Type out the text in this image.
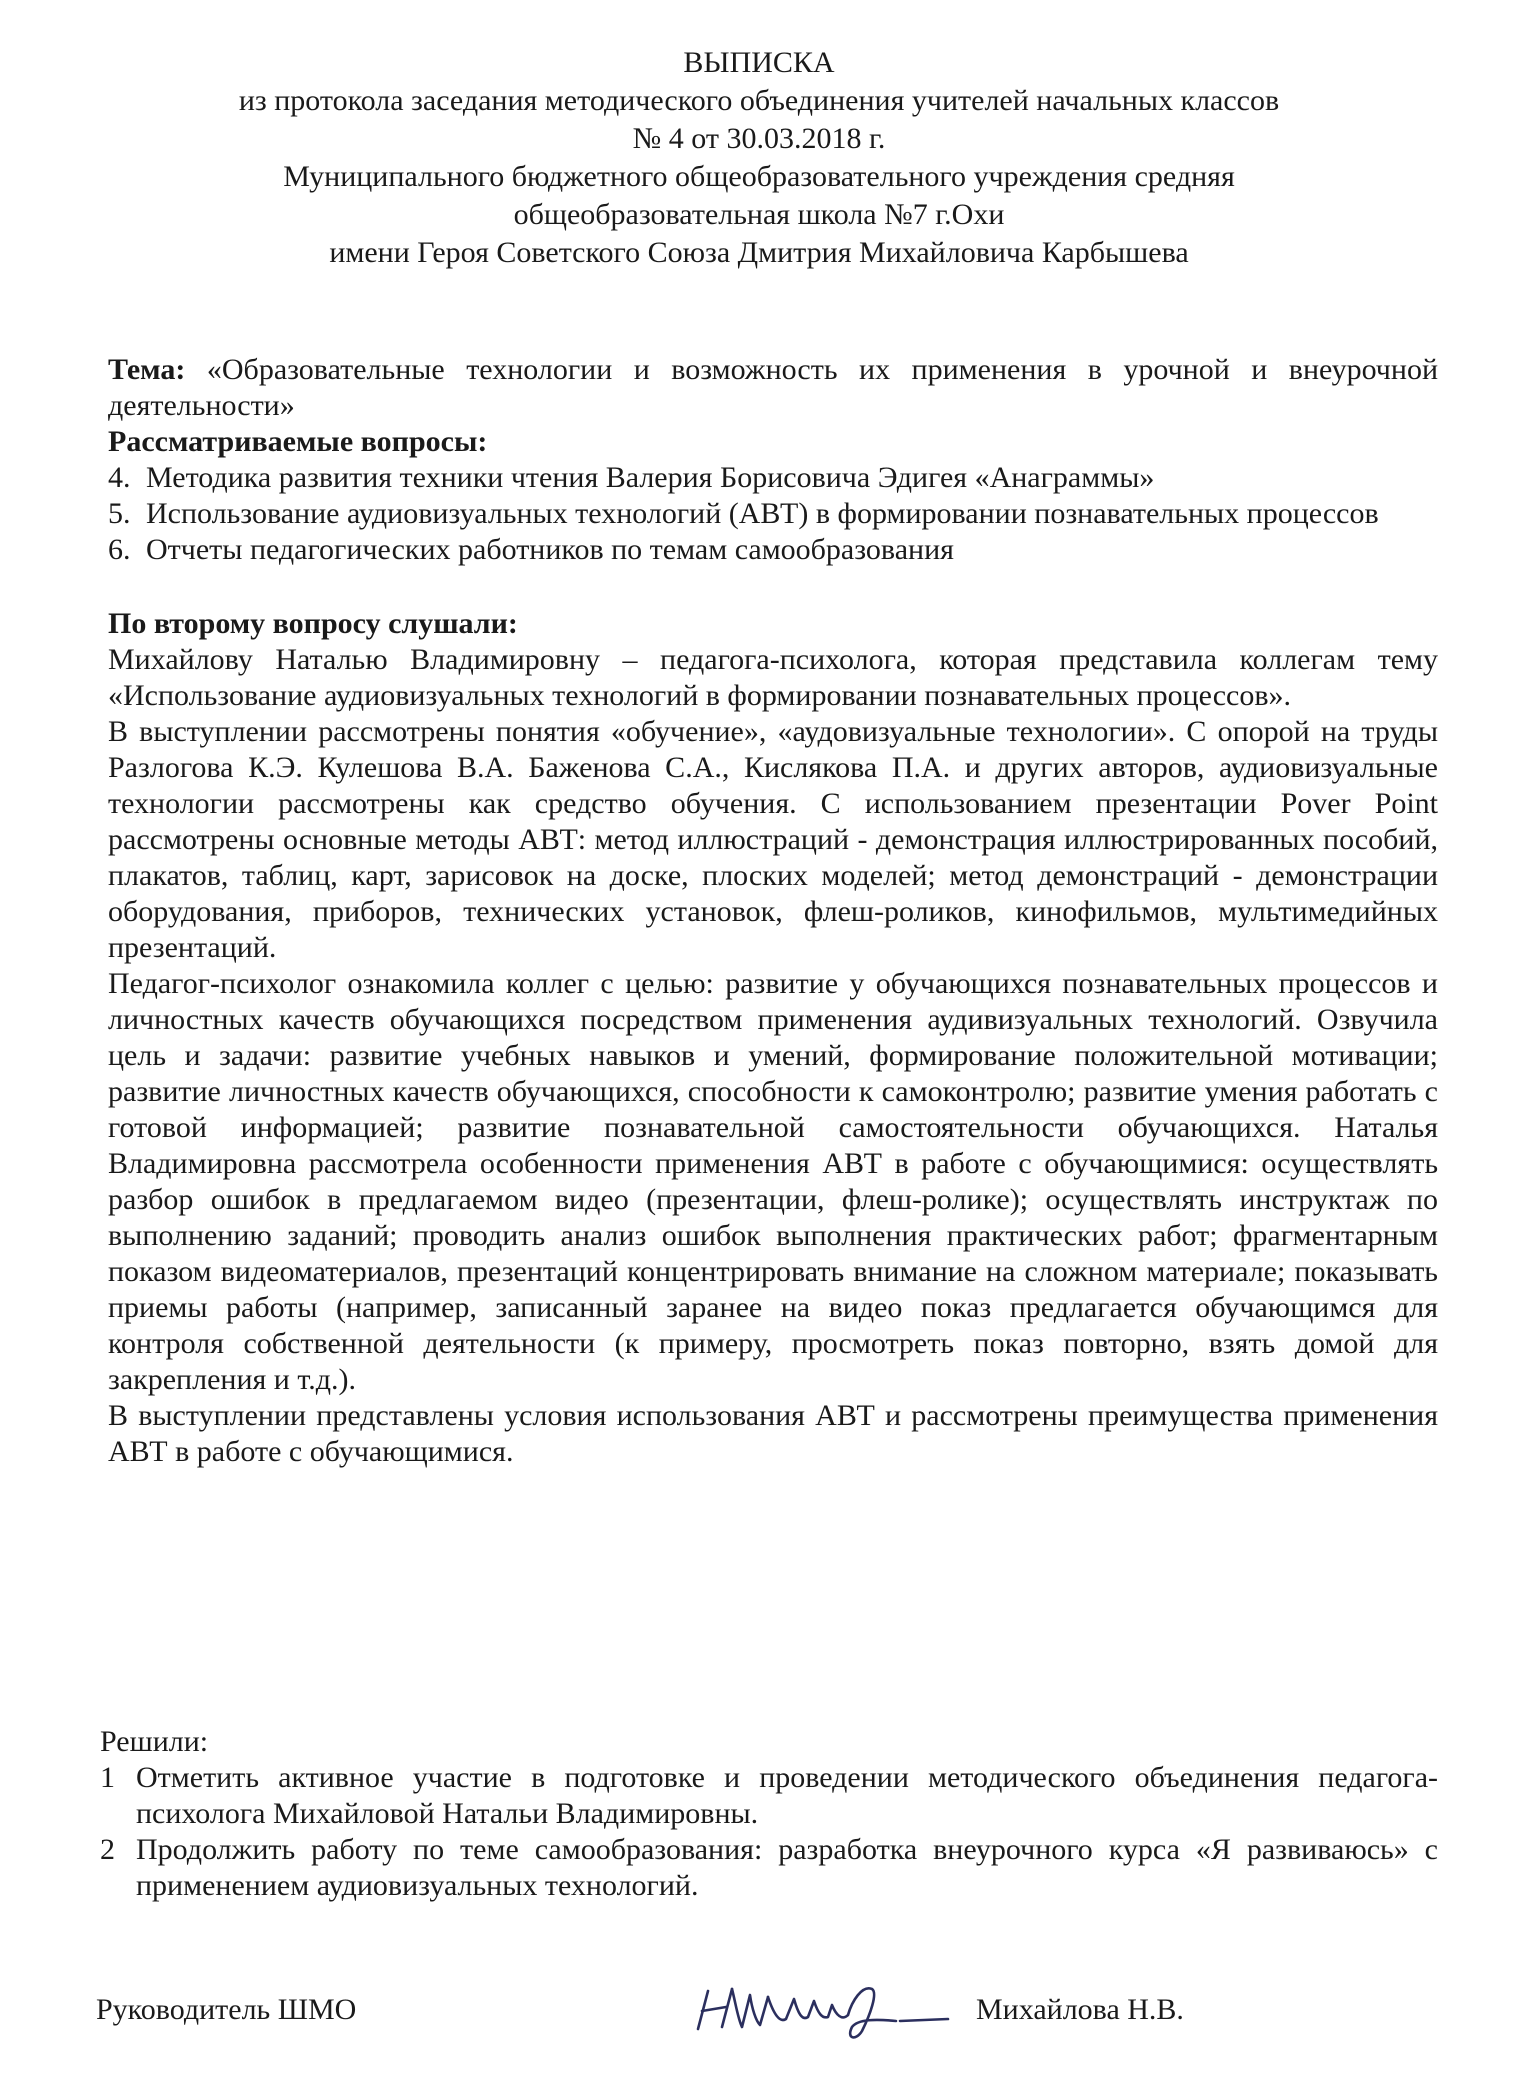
ВЫПИСКА
из протокола заседания методического объединения учителей начальных классов
№ 4 от 30.03.2018 г.
Муниципального бюджетного общеобразовательного учреждения средняя
общеобразовательная школа №7 г.Охи
имени Героя Советского Союза Дмитрия Михайловича Карбышева
Тема: «Образовательные технологии и возможность их применения в урочной и внеурочной деятельности»
Рассматриваемые вопросы:
4. Методика развития техники чтения Валерия Борисовича Эдигея «Анаграммы»
5. Использование аудиовизуальных технологий (АВТ) в формировании познавательных процессов
6. Отчеты педагогических работников по темам самообразования
По второму вопросу слушали:
Михайлову Наталью Владимировну – педагога-психолога, которая представила коллегам тему «Использование аудиовизуальных технологий в формировании познавательных процессов».
В выступлении рассмотрены понятия «обучение», «аудовизуальные технологии». С опорой на труды Разлогова К.Э. Кулешова В.А. Баженова С.А., Кислякова П.А. и других авторов, аудиовизуальные технологии рассмотрены как средство обучения. С использованием презентации Pover Point рассмотрены основные методы АВТ: метод иллюстраций - демонстрация иллюстрированных пособий, плакатов, таблиц, карт, зарисовок на доске, плоских моделей; метод демонстраций - демонстрации оборудования, приборов, технических установок, флеш-роликов, кинофильмов, мультимедийных презентаций.
Педагог-психолог ознакомила коллег с целью: развитие у обучающихся познавательных процессов и личностных качеств обучающихся посредством применения аудивизуальных технологий. Озвучила цель и задачи: развитие учебных навыков и умений, формирование положительной мотивации; развитие личностных качеств обучающихся, способности к самоконтролю; развитие умения работать с готовой информацией; развитие познавательной самостоятельности обучающихся. Наталья Владимировна рассмотрела особенности применения АВТ в работе с обучающимися: осуществлять разбор ошибок в предлагаемом видео (презентации, флеш-ролике); осуществлять инструктаж по выполнению заданий; проводить анализ ошибок выполнения практических работ; фрагментарным показом видеоматериалов, презентаций концентрировать внимание на сложном материале; показывать приемы работы (например, записанный заранее на видео показ предлагается обучающимся для контроля собственной деятельности (к примеру, просмотреть показ повторно, взять домой для закрепления и т.д.).
В выступлении представлены условия использования АВТ и рассмотрены преимущества применения АВТ в работе с обучающимися.
Решили:
1 Отметить активное участие в подготовке и проведении методического объединения педагога-психолога Михайловой Натальи Владимировны.
2 Продолжить работу по теме самообразования: разработка внеурочного курса «Я развиваюсь» с применением аудиовизуальных технологий.
Руководитель ШМО	Михайлова Н.В.
